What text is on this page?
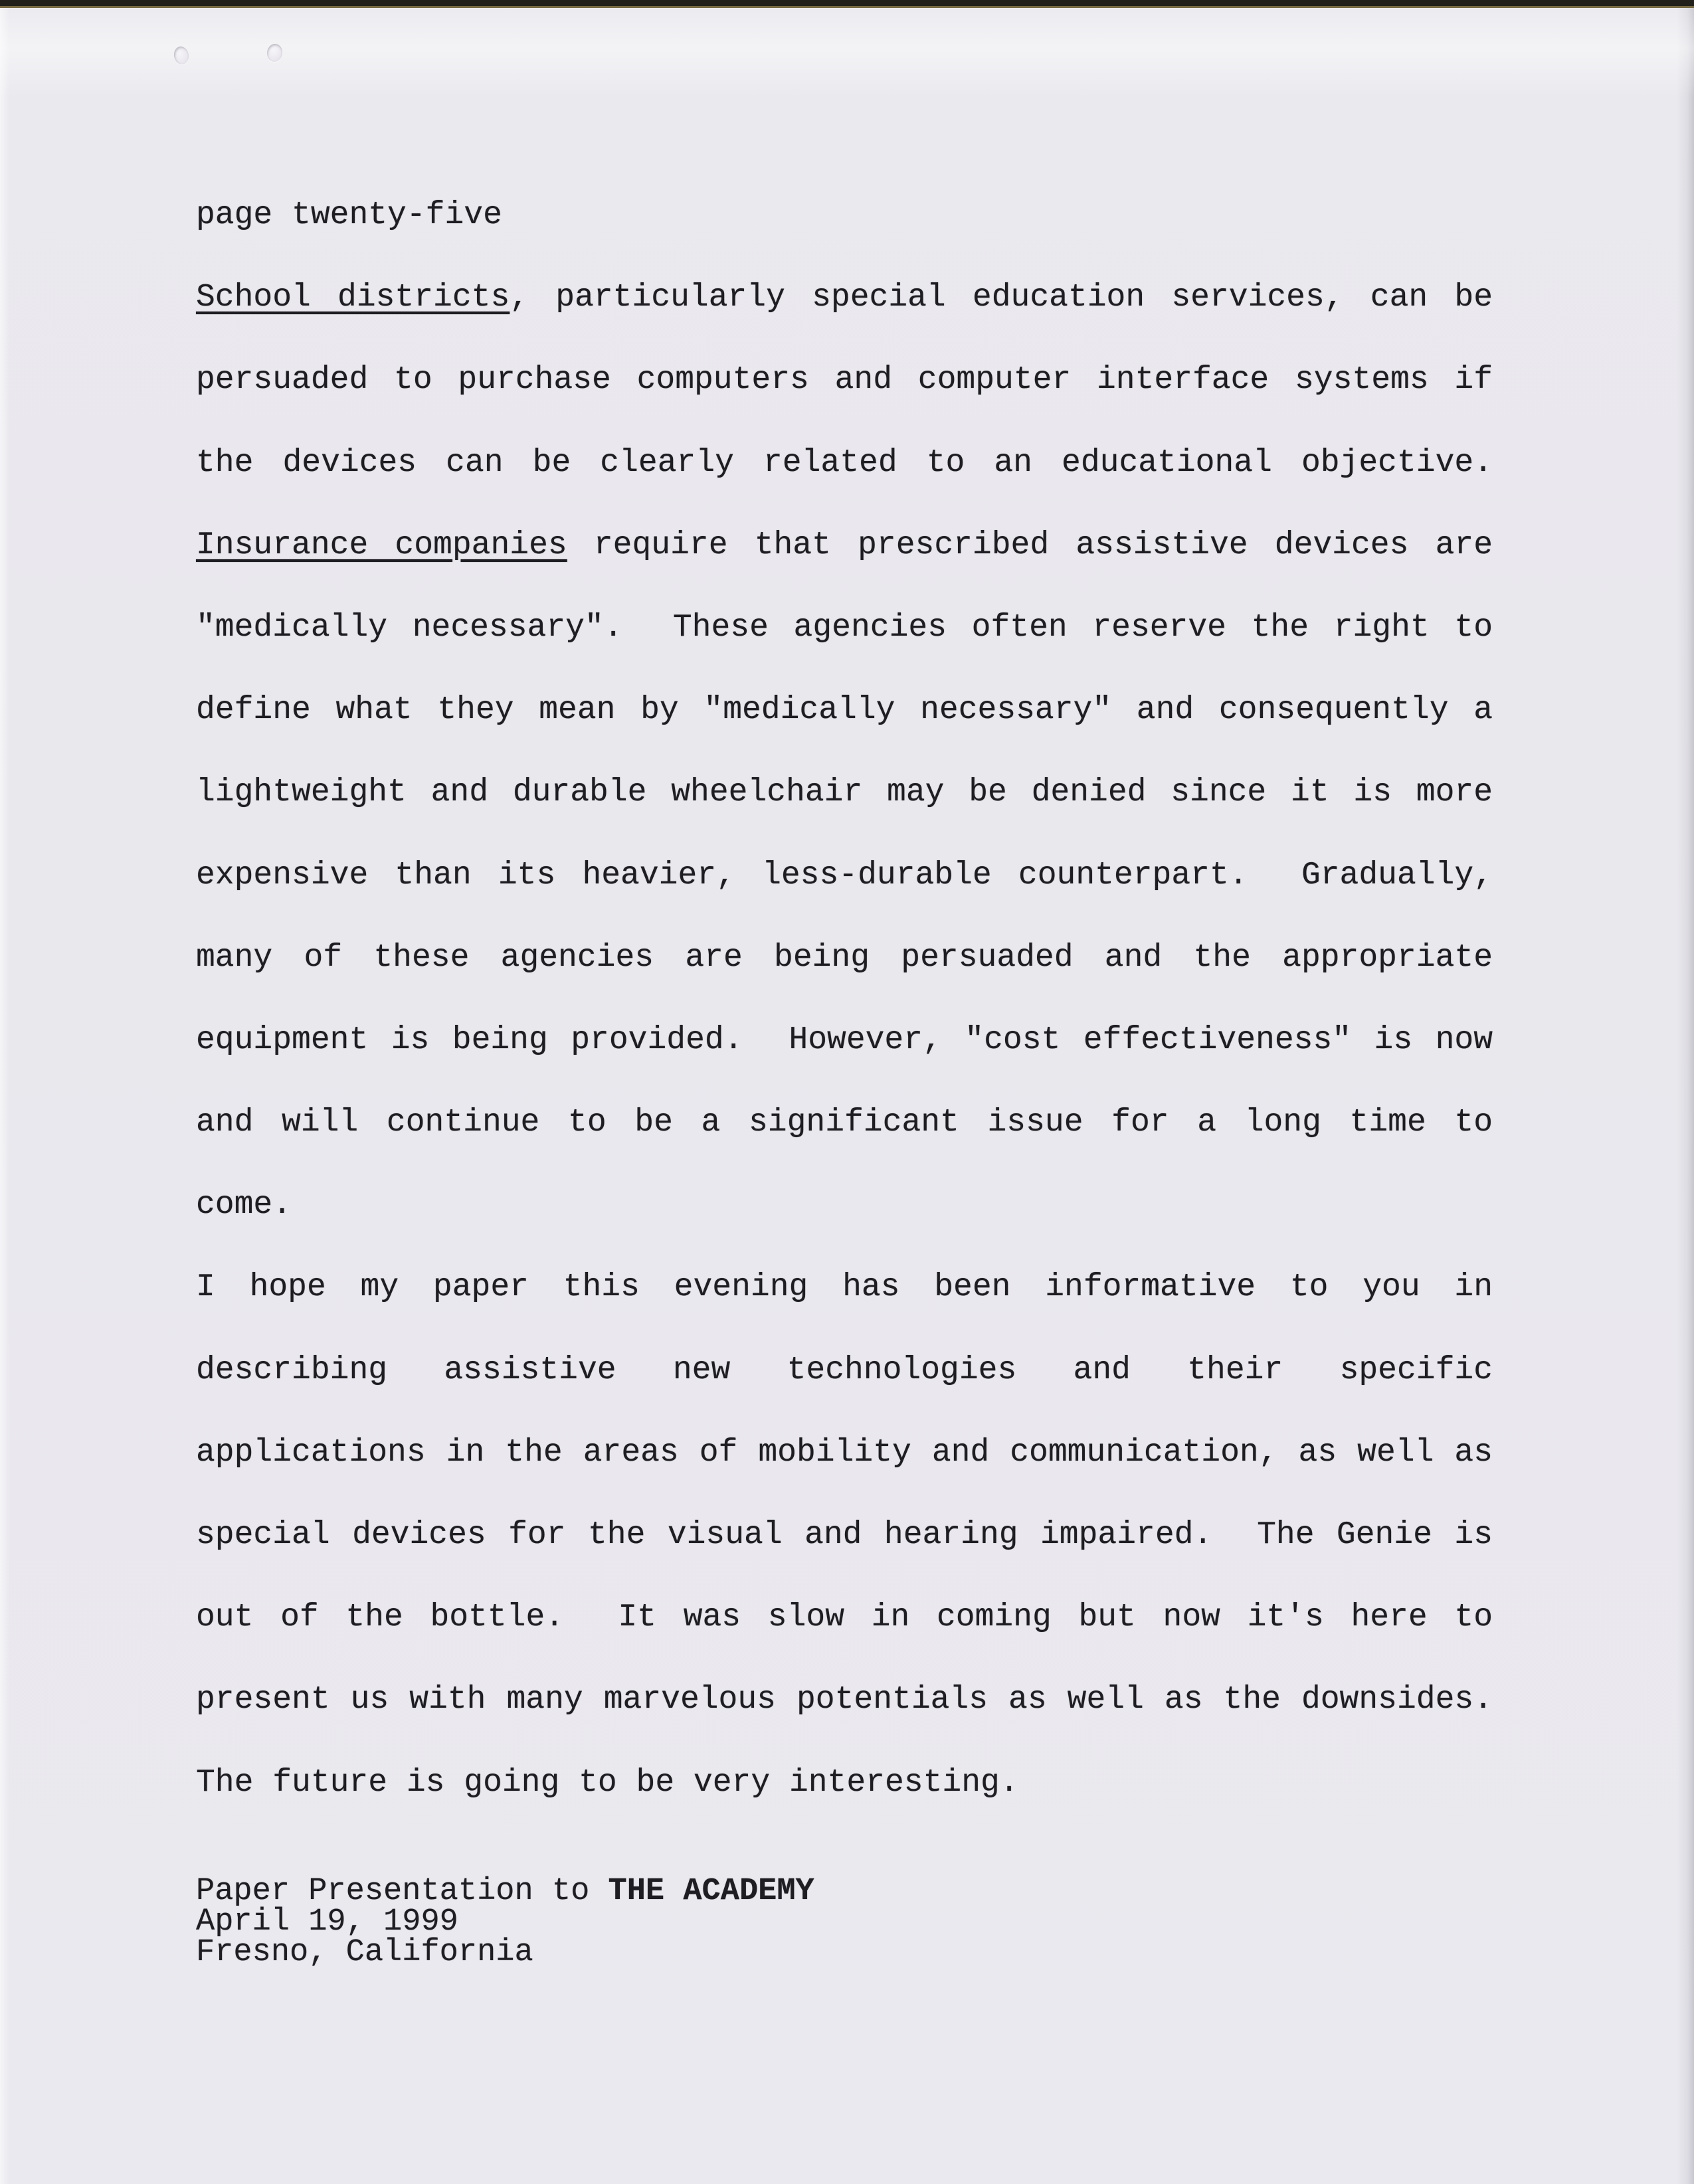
page twenty-five
School districts, particularly special education services, can be
persuaded to purchase computers and computer interface systems if
the devices can be clearly related to an educational objective.
Insurance companies require that prescribed assistive devices are
"medically necessary".  These agencies often reserve the right to
define what they mean by "medically necessary" and consequently a
lightweight and durable wheelchair may be denied since it is more
expensive than its heavier, less-durable counterpart.  Gradually,
many of these agencies are being persuaded and the appropriate
equipment is being provided.  However, "cost effectiveness" is now
and will continue to be a significant issue for a long time to
come.
I hope my paper this evening has been informative to you in
describing assistive new technologies and their specific
applications in the areas of mobility and communication, as well as
special devices for the visual and hearing impaired.  The Genie is
out of the bottle.  It was slow in coming but now it's here to
present us with many marvelous potentials as well as the downsides.
The future is going to be very interesting.
Paper Presentation to THE ACADEMY
April 19, 1999
Fresno, California
